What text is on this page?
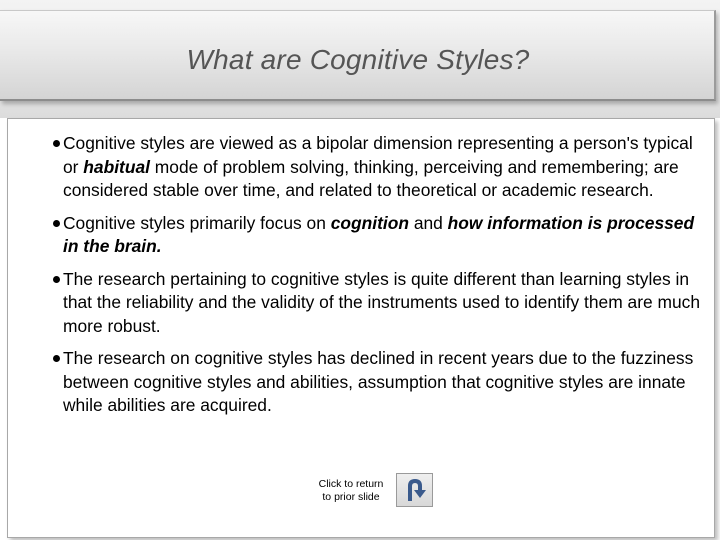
What are Cognitive Styles?
Cognitive styles are viewed as a bipolar dimension representing a person's typical or habitual mode of problem solving, thinking, perceiving and remembering; are considered stable over time, and related to theoretical or academic research.
Cognitive styles primarily focus on cognition and how information is processed in the brain.
The research pertaining to cognitive styles is quite different than learning styles in that the reliability and the validity of the instruments used to identify them are much more robust.
The research on cognitive styles has declined in recent years due to the fuzziness between cognitive styles and abilities, assumption that cognitive styles are innate while abilities are acquired.
Click to return
to prior slide
